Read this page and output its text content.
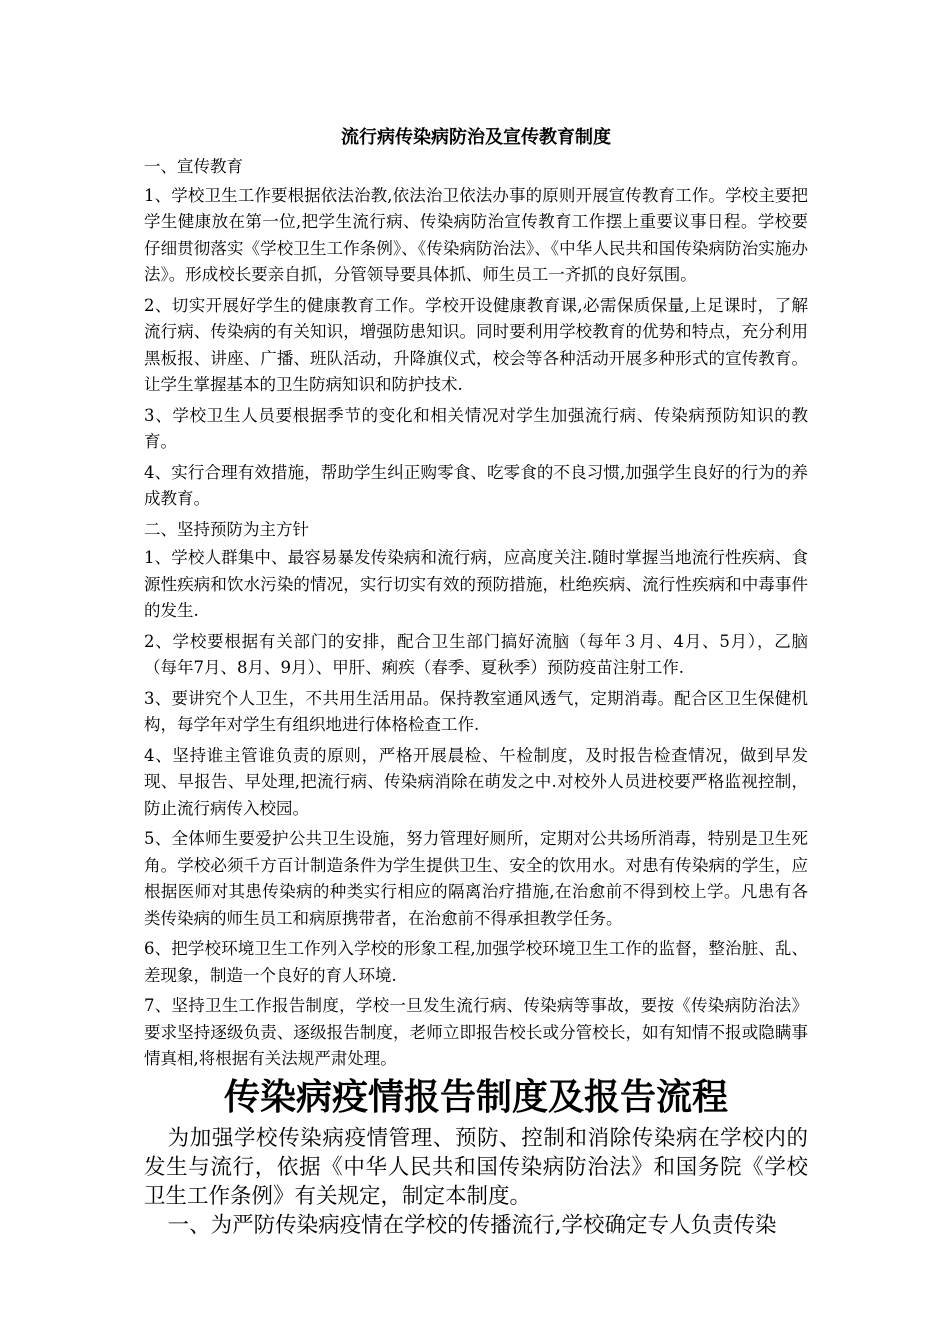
流行病传染病防治及宣传教育制度

一、宣传教育

1、学校卫生工作要根据依法治教,依法治卫依法办事的原则开展宣传教育工作。学校主要把学生健康放在第一位,把学生流行病、传染病防治宣传教育工作摆上重要议事日程。学校要仔细贯彻落实《学校卫生工作条例》、《传染病防治法》、《中华人民共和国传染病防治实施办法》。形成校长要亲自抓，分管领导要具体抓、师生员工一齐抓的良好氛围。

2、切实开展好学生的健康教育工作。学校开设健康教育课,必需保质保量,上足课时，了解流行病、传染病的有关知识，增强防患知识。同时要利用学校教育的优势和特点，充分利用黑板报、讲座、广播、班队活动，升降旗仪式，校会等各种活动开展多种形式的宣传教育。让学生掌握基本的卫生防病知识和防护技术.

3、学校卫生人员要根据季节的变化和相关情况对学生加强流行病、传染病预防知识的教育。

4、实行合理有效措施，帮助学生纠正购零食、吃零食的不良习惯,加强学生良好的行为的养成教育。

二、坚持预防为主方针

1、学校人群集中、最容易暴发传染病和流行病，应高度关注.随时掌握当地流行性疾病、食源性疾病和饮水污染的情况，实行切实有效的预防措施，杜绝疾病、流行性疾病和中毒事件的发生.

2、学校要根据有关部门的安排，配合卫生部门搞好流脑（每年３月、4月、5月），乙脑（每年7月、8月、9月）、甲肝、痢疾（春季、夏秋季）预防疫苗注射工作.

3、要讲究个人卫生，不共用生活用品。保持教室通风透气，定期消毒。配合区卫生保健机构，每学年对学生有组织地进行体格检查工作.

4、坚持谁主管谁负责的原则，严格开展晨检、午检制度，及时报告检查情况，做到早发现、早报告、早处理,把流行病、传染病消除在萌发之中.对校外人员进校要严格监视控制，防止流行病传入校园。

5、全体师生要爱护公共卫生设施，努力管理好厕所，定期对公共场所消毒，特别是卫生死角。学校必须千方百计制造条件为学生提供卫生、安全的饮用水。对患有传染病的学生，应根据医师对其患传染病的种类实行相应的隔离治疗措施,在治愈前不得到校上学。凡患有各类传染病的师生员工和病原携带者，在治愈前不得承担教学任务。

6、把学校环境卫生工作列入学校的形象工程,加强学校环境卫生工作的监督，整治脏、乱、差现象，制造一个良好的育人环境.

7、坚持卫生工作报告制度，学校一旦发生流行病、传染病等事故，要按《传染病防治法》要求坚持逐级负责、逐级报告制度，老师立即报告校长或分管校长，如有知情不报或隐瞒事情真相,将根据有关法规严肃处理。

传染病疫情报告制度及报告流程

为加强学校传染病疫情管理、预防、控制和消除传染病在学校内的发生与流行，依据《中华人民共和国传染病防治法》和国务院《学校卫生工作条例》有关规定，制定本制度。

一、为严防传染病疫情在学校的传播流行,学校确定专人负责传染
